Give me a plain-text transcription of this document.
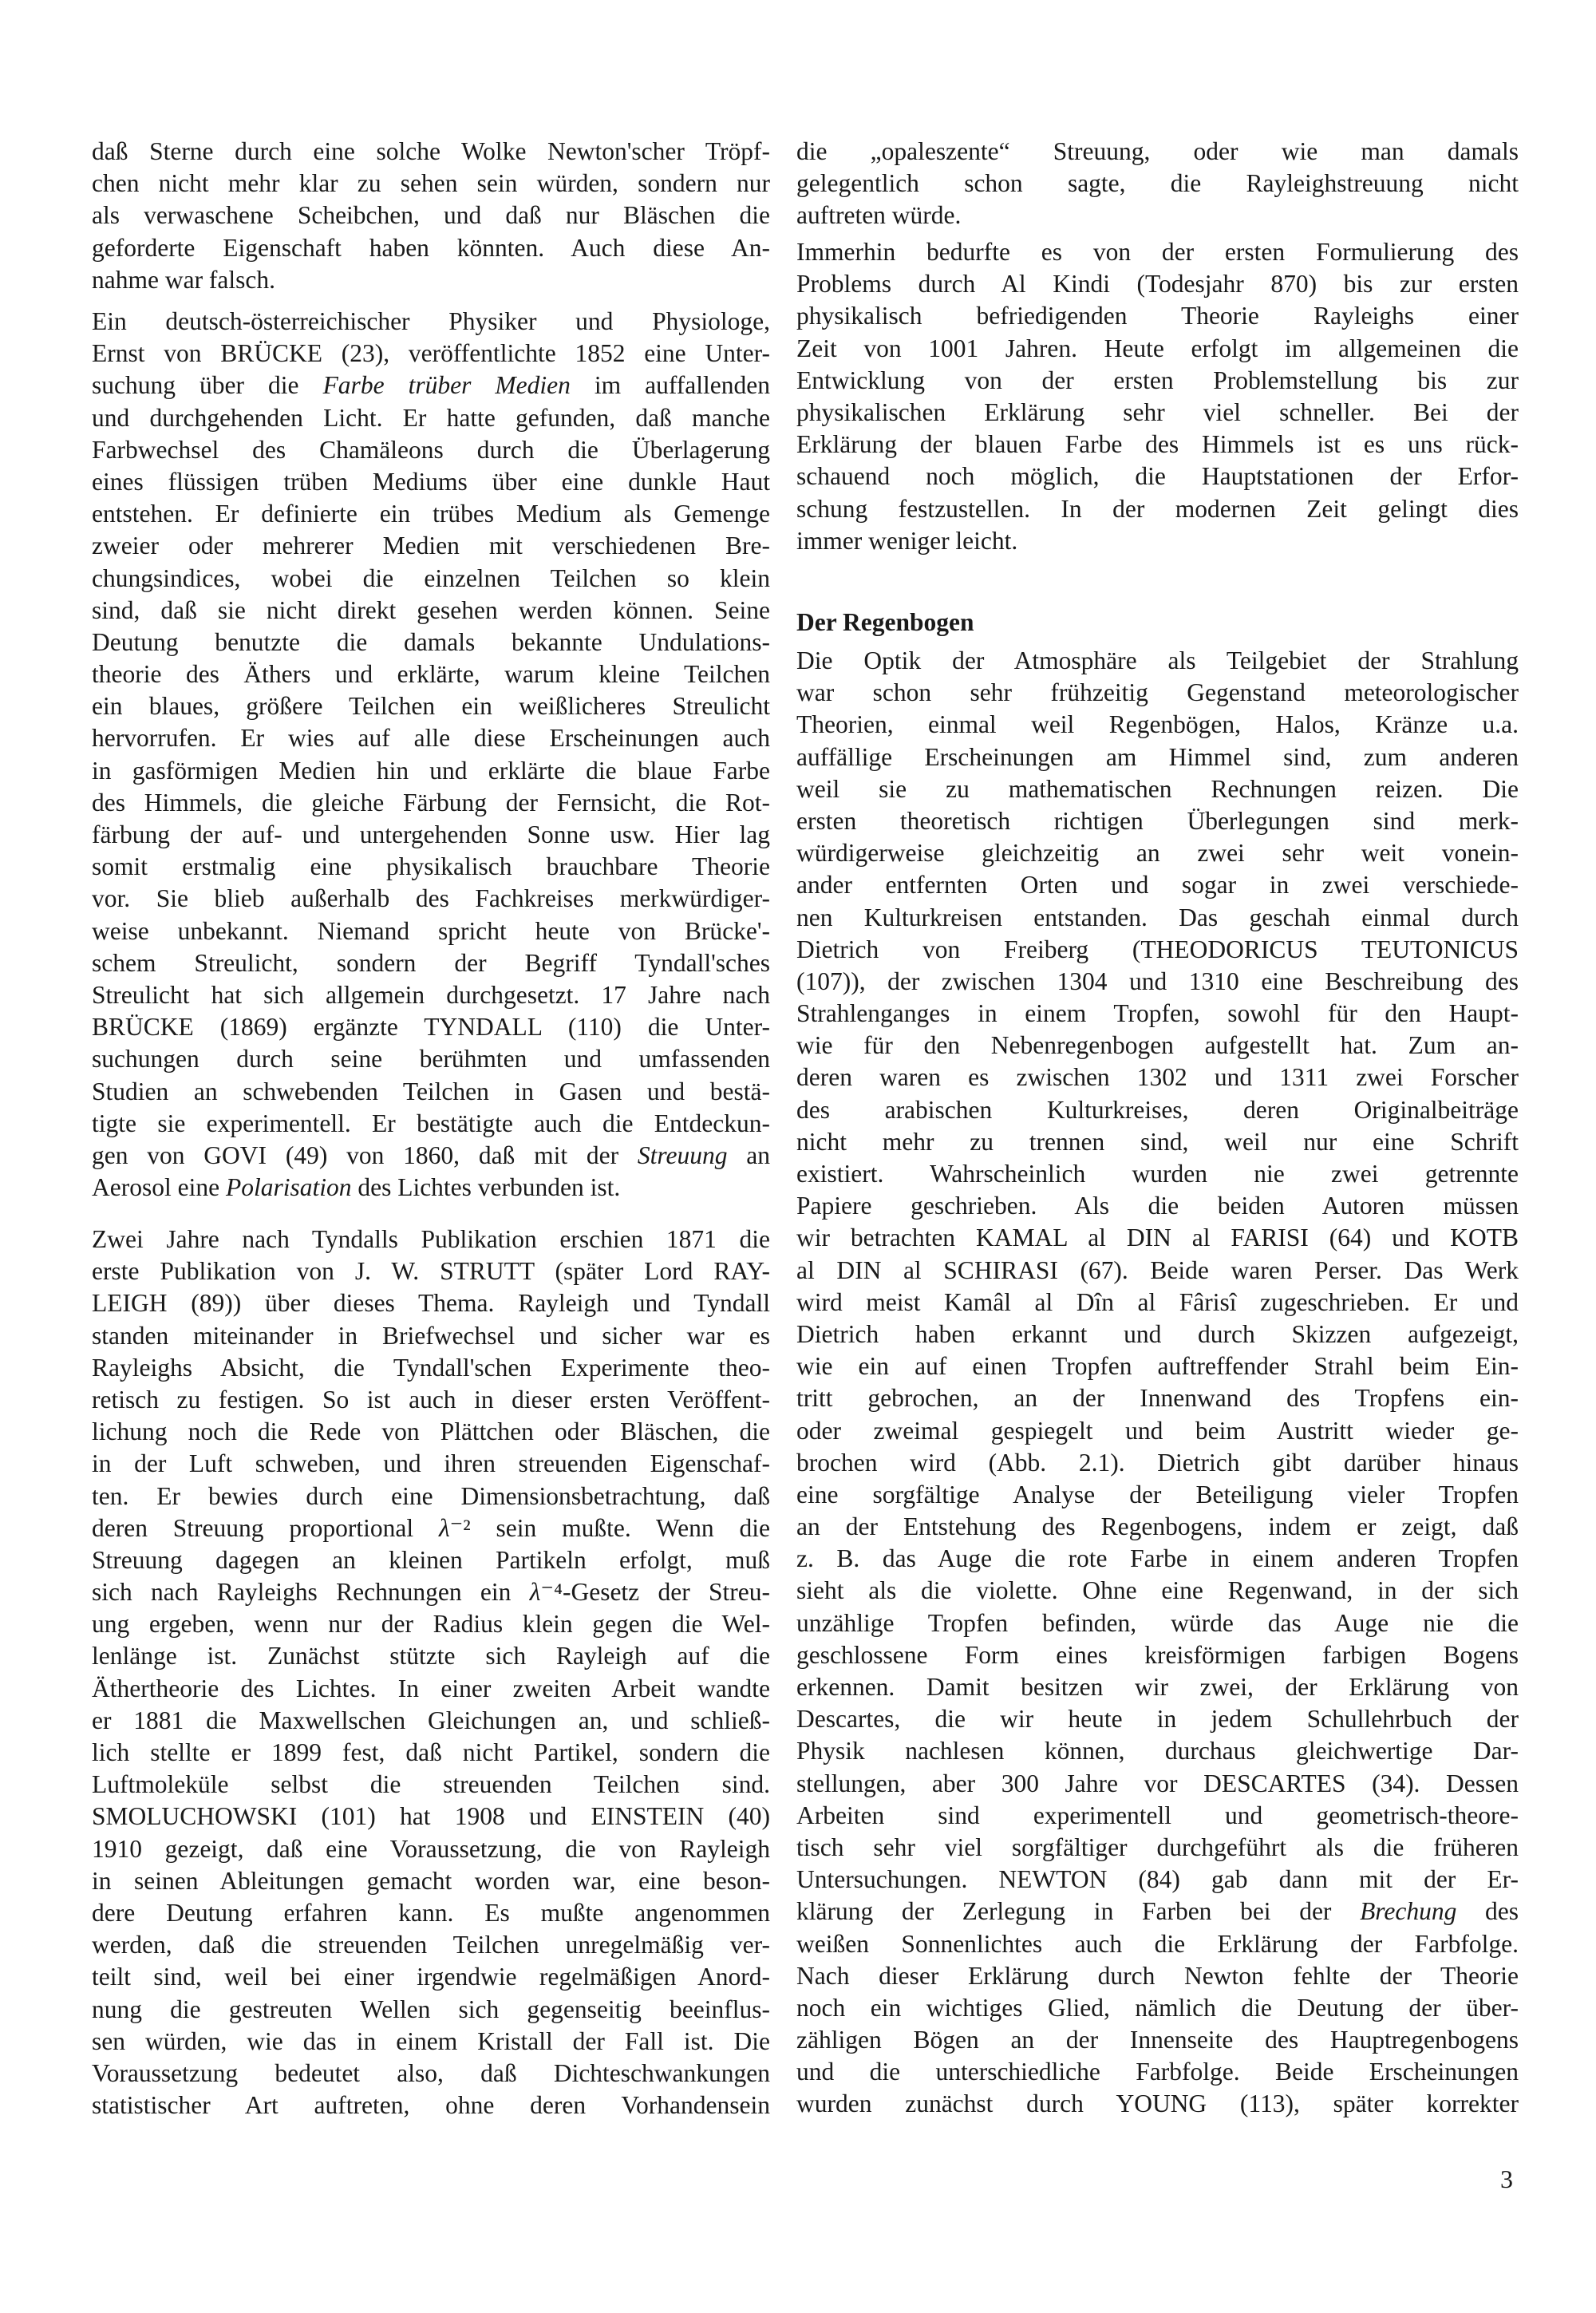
daß Sterne durch eine solche Wolke Newton'scher Tröpf-
chen nicht mehr klar zu sehen sein würden, sondern nur
als verwaschene Scheibchen, und daß nur Bläschen die
geforderte Eigenschaft haben könnten. Auch diese An-
nahme war falsch.
Ein deutsch-österreichischer Physiker und Physiologe,
Ernst von BRÜCKE (23), veröffentlichte 1852 eine Unter-
suchung über die Farbe trüber Medien im auffallenden
und durchgehenden Licht. Er hatte gefunden, daß manche
Farbwechsel des Chamäleons durch die Überlagerung
eines flüssigen trüben Mediums über eine dunkle Haut
entstehen. Er definierte ein trübes Medium als Gemenge
zweier oder mehrerer Medien mit verschiedenen Bre-
chungsindices, wobei die einzelnen Teilchen so klein
sind, daß sie nicht direkt gesehen werden können. Seine
Deutung benutzte die damals bekannte Undulations-
theorie des Äthers und erklärte, warum kleine Teilchen
ein blaues, größere Teilchen ein weißlicheres Streulicht
hervorrufen. Er wies auf alle diese Erscheinungen auch
in gasförmigen Medien hin und erklärte die blaue Farbe
des Himmels, die gleiche Färbung der Fernsicht, die Rot-
färbung der auf- und untergehenden Sonne usw. Hier lag
somit erstmalig eine physikalisch brauchbare Theorie
vor. Sie blieb außerhalb des Fachkreises merkwürdiger-
weise unbekannt. Niemand spricht heute von Brücke'-
schem Streulicht, sondern der Begriff Tyndall'sches
Streulicht hat sich allgemein durchgesetzt. 17 Jahre nach
BRÜCKE (1869) ergänzte TYNDALL (110) die Unter-
suchungen durch seine berühmten und umfassenden
Studien an schwebenden Teilchen in Gasen und bestä-
tigte sie experimentell. Er bestätigte auch die Entdeckun-
gen von GOVI (49) von 1860, daß mit der Streuung an
Aerosol eine Polarisation des Lichtes verbunden ist.
Zwei Jahre nach Tyndalls Publikation erschien 1871 die
erste Publikation von J. W. STRUTT (später Lord RAY-
LEIGH (89)) über dieses Thema. Rayleigh und Tyndall
standen miteinander in Briefwechsel und sicher war es
Rayleighs Absicht, die Tyndall'schen Experimente theo-
retisch zu festigen. So ist auch in dieser ersten Veröffent-
lichung noch die Rede von Plättchen oder Bläschen, die
in der Luft schweben, und ihren streuenden Eigenschaf-
ten. Er bewies durch eine Dimensionsbetrachtung, daß
deren Streuung proportional λ⁻² sein mußte. Wenn die
Streuung dagegen an kleinen Partikeln erfolgt, muß
sich nach Rayleighs Rechnungen ein λ⁻⁴-Gesetz der Streu-
ung ergeben, wenn nur der Radius klein gegen die Wel-
lenlänge ist. Zunächst stützte sich Rayleigh auf die
Äthertheorie des Lichtes. In einer zweiten Arbeit wandte
er 1881 die Maxwellschen Gleichungen an, und schließ-
lich stellte er 1899 fest, daß nicht Partikel, sondern die
Luftmoleküle selbst die streuenden Teilchen sind.
SMOLUCHOWSKI (101) hat 1908 und EINSTEIN (40)
1910 gezeigt, daß eine Voraussetzung, die von Rayleigh
in seinen Ableitungen gemacht worden war, eine beson-
dere Deutung erfahren kann. Es mußte angenommen
werden, daß die streuenden Teilchen unregelmäßig ver-
teilt sind, weil bei einer irgendwie regelmäßigen Anord-
nung die gestreuten Wellen sich gegenseitig beeinflus-
sen würden, wie das in einem Kristall der Fall ist. Die
Voraussetzung bedeutet also, daß Dichteschwankungen
statistischer Art auftreten, ohne deren Vorhandensein
die „opaleszente“ Streuung, oder wie man damals
gelegentlich schon sagte, die Rayleighstreuung nicht
auftreten würde.
Immerhin bedurfte es von der ersten Formulierung des
Problems durch Al Kindi (Todesjahr 870) bis zur ersten
physikalisch befriedigenden Theorie Rayleighs einer
Zeit von 1001 Jahren. Heute erfolgt im allgemeinen die
Entwicklung von der ersten Problemstellung bis zur
physikalischen Erklärung sehr viel schneller. Bei der
Erklärung der blauen Farbe des Himmels ist es uns rück-
schauend noch möglich, die Hauptstationen der Erfor-
schung festzustellen. In der modernen Zeit gelingt dies
immer weniger leicht.
Der Regenbogen
Die Optik der Atmosphäre als Teilgebiet der Strahlung
war schon sehr frühzeitig Gegenstand meteorologischer
Theorien, einmal weil Regenbögen, Halos, Kränze u.a.
auffällige Erscheinungen am Himmel sind, zum anderen
weil sie zu mathematischen Rechnungen reizen. Die
ersten theoretisch richtigen Überlegungen sind merk-
würdigerweise gleichzeitig an zwei sehr weit vonein-
ander entfernten Orten und sogar in zwei verschiede-
nen Kulturkreisen entstanden. Das geschah einmal durch
Dietrich von Freiberg (THEODORICUS TEUTONICUS
(107)), der zwischen 1304 und 1310 eine Beschreibung des
Strahlenganges in einem Tropfen, sowohl für den Haupt-
wie für den Nebenregenbogen aufgestellt hat. Zum an-
deren waren es zwischen 1302 und 1311 zwei Forscher
des arabischen Kulturkreises, deren Originalbeiträge
nicht mehr zu trennen sind, weil nur eine Schrift
existiert. Wahrscheinlich wurden nie zwei getrennte
Papiere geschrieben. Als die beiden Autoren müssen
wir betrachten KAMAL al DIN al FARISI (64) und KOTB
al DIN al SCHIRASI (67). Beide waren Perser. Das Werk
wird meist Kamâl al Dîn al Fârisî zugeschrieben. Er und
Dietrich haben erkannt und durch Skizzen aufgezeigt,
wie ein auf einen Tropfen auftreffender Strahl beim Ein-
tritt gebrochen, an der Innenwand des Tropfens ein-
oder zweimal gespiegelt und beim Austritt wieder ge-
brochen wird (Abb. 2.1). Dietrich gibt darüber hinaus
eine sorgfältige Analyse der Beteiligung vieler Tropfen
an der Entstehung des Regenbogens, indem er zeigt, daß
z. B. das Auge die rote Farbe in einem anderen Tropfen
sieht als die violette. Ohne eine Regenwand, in der sich
unzählige Tropfen befinden, würde das Auge nie die
geschlossene Form eines kreisförmigen farbigen Bogens
erkennen. Damit besitzen wir zwei, der Erklärung von
Descartes, die wir heute in jedem Schullehrbuch der
Physik nachlesen können, durchaus gleichwertige Dar-
stellungen, aber 300 Jahre vor DESCARTES (34). Dessen
Arbeiten sind experimentell und geometrisch-theore-
tisch sehr viel sorgfältiger durchgeführt als die früheren
Untersuchungen. NEWTON (84) gab dann mit der Er-
klärung der Zerlegung in Farben bei der Brechung des
weißen Sonnenlichtes auch die Erklärung der Farbfolge.
Nach dieser Erklärung durch Newton fehlte der Theorie
noch ein wichtiges Glied, nämlich die Deutung der über-
zähligen Bögen an der Innenseite des Hauptregenbogens
und die unterschiedliche Farbfolge. Beide Erscheinungen
wurden zunächst durch YOUNG (113), später korrekter
3
